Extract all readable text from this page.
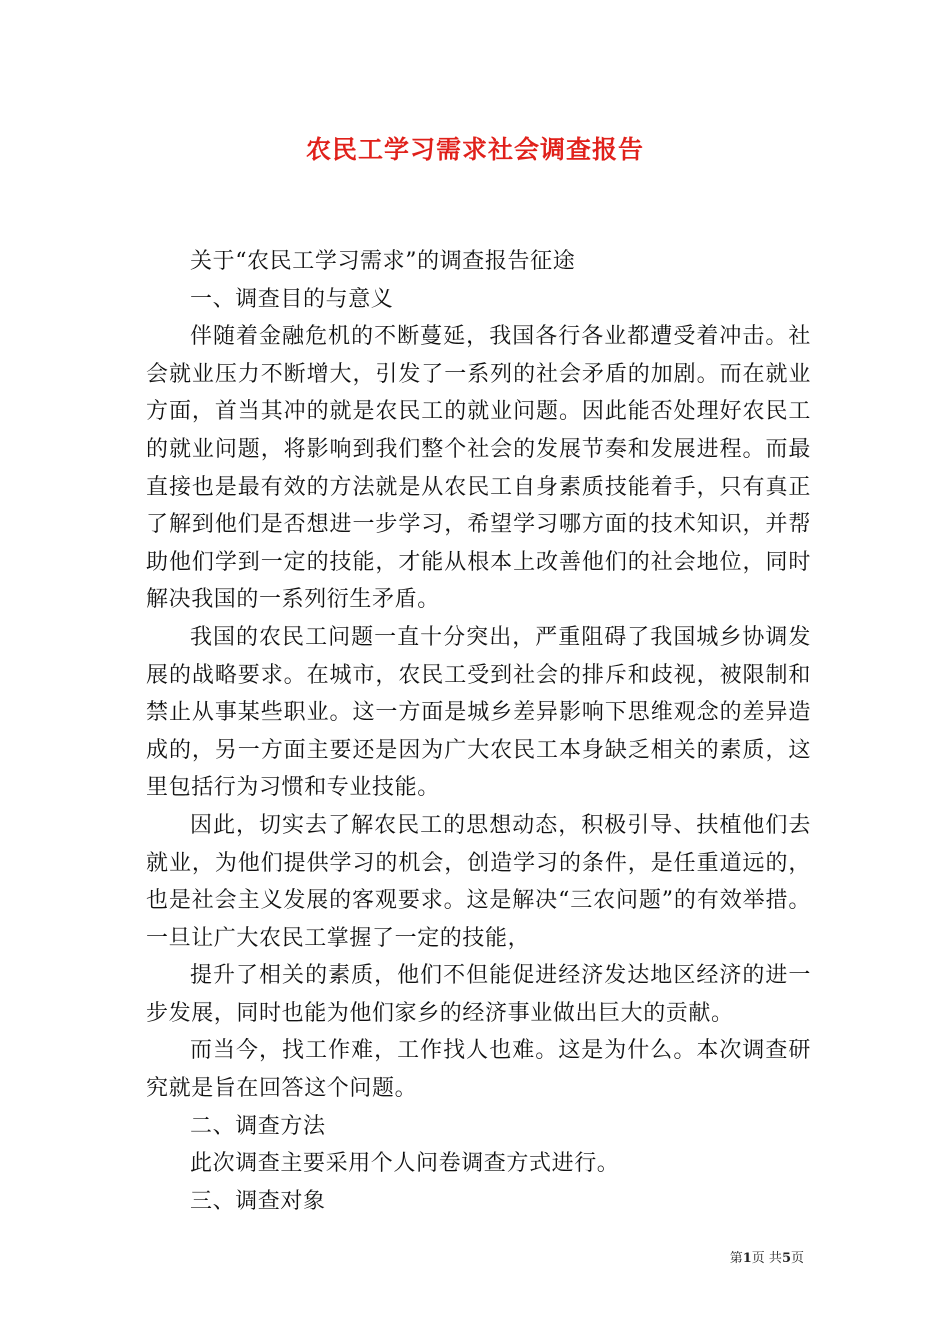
农民工学习需求社会调查报告

关于“农民工学习需求”的调查报告征途

一、调查目的与意义

伴随着金融危机的不断蔓延，我国各行各业都遭受着冲击。社会就业压力不断增大，引发了一系列的社会矛盾的加剧。而在就业方面，首当其冲的就是农民工的就业问题。因此能否处理好农民工的就业问题，将影响到我们整个社会的发展节奏和发展进程。而最直接也是最有效的方法就是从农民工自身素质技能着手，只有真正了解到他们是否想进一步学习，希望学习哪方面的技术知识，并帮助他们学到一定的技能，才能从根本上改善他们的社会地位，同时解决我国的一系列衍生矛盾。

我国的农民工问题一直十分突出，严重阻碍了我国城乡协调发展的战略要求。在城市，农民工受到社会的排斥和歧视，被限制和禁止从事某些职业。这一方面是城乡差异影响下思维观念的差异造成的，另一方面主要还是因为广大农民工本身缺乏相关的素质，这里包括行为习惯和专业技能。

因此，切实去了解农民工的思想动态，积极引导、扶植他们去就业，为他们提供学习的机会，创造学习的条件，是任重道远的，也是社会主义发展的客观要求。这是解决“三农问题”的有效举措。一旦让广大农民工掌握了一定的技能，

提升了相关的素质，他们不但能促进经济发达地区经济的进一步发展，同时也能为他们家乡的经济事业做出巨大的贡献。

而当今，找工作难，工作找人也难。这是为什么。本次调查研究就是旨在回答这个问题。

二、调查方法

此次调查主要采用个人问卷调查方式进行。

三、调查对象

第1页 共5页
